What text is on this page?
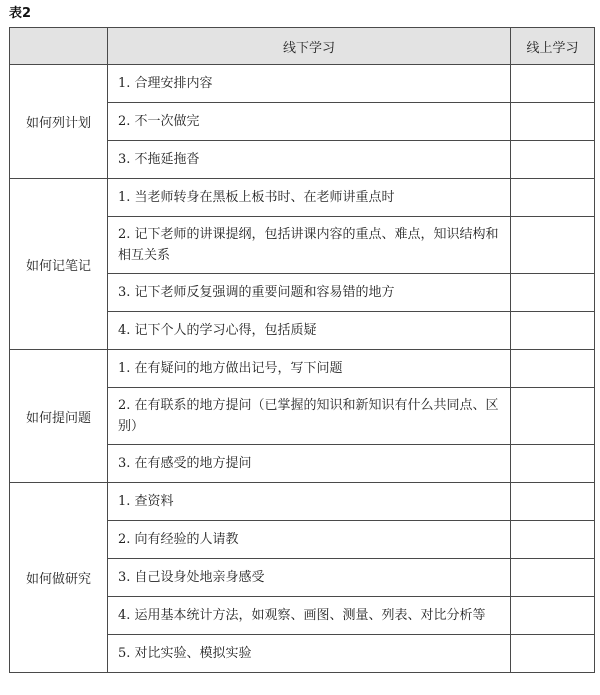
表2
	线下学习	线上学习
如何列计划	1. 合理安排内容	
	2. 不一次做完	
	3. 不拖延拖沓	
如何记笔记	1. 当老师转身在黑板上板书时、在老师讲重点时	
	2. 记下老师的讲课提纲，包括讲课内容的重点、难点，知识结构和相互关系	
	3. 记下老师反复强调的重要问题和容易错的地方	
	4. 记下个人的学习心得，包括质疑	
如何提问题	1. 在有疑问的地方做出记号，写下问题	
	2. 在有联系的地方提问（已掌握的知识和新知识有什么共同点、区别）	
	3. 在有感受的地方提问	
如何做研究	1. 查资料	
	2. 向有经验的人请教	
	3. 自己设身处地亲身感受	
	4. 运用基本统计方法，如观察、画图、测量、列表、对比分析等	
	5. 对比实验、模拟实验	
